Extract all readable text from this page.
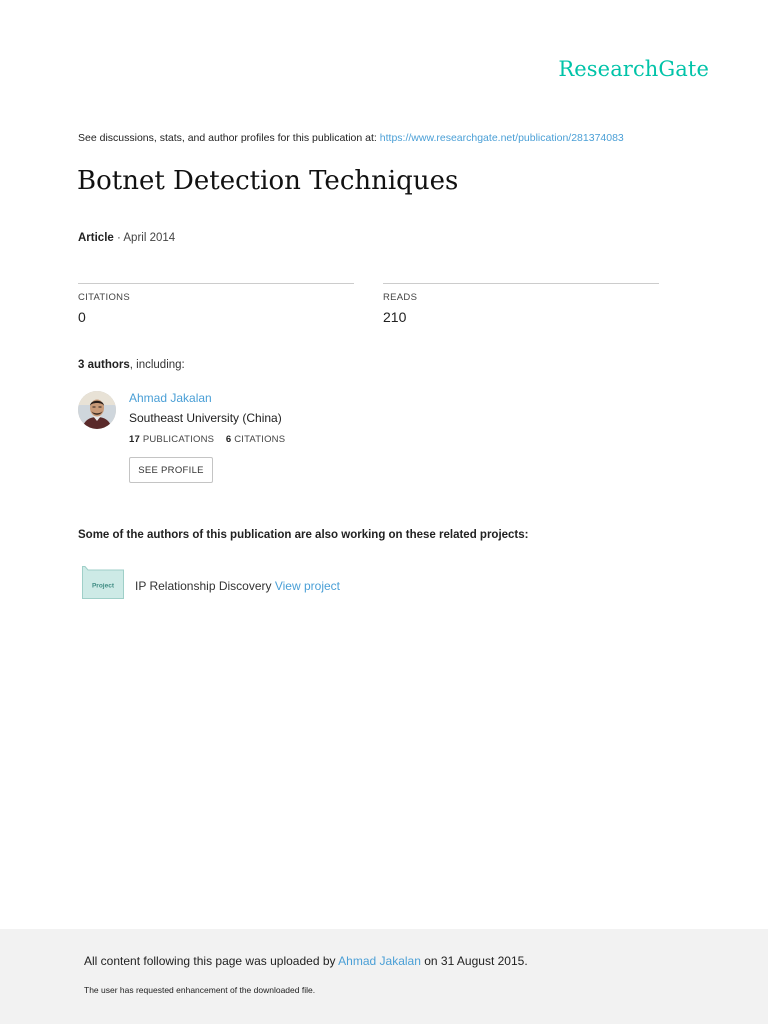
ResearchGate
See discussions, stats, and author profiles for this publication at: https://www.researchgate.net/publication/281374083
Botnet Detection Techniques
Article · April 2014
CITATIONS
0
READS
210
3 authors, including:
Ahmad Jakalan
Southeast University (China)
17 PUBLICATIONS 6 CITATIONS
SEE PROFILE
Some of the authors of this publication are also working on these related projects:
Project IP Relationship Discovery View project
All content following this page was uploaded by Ahmad Jakalan on 31 August 2015.
The user has requested enhancement of the downloaded file.
